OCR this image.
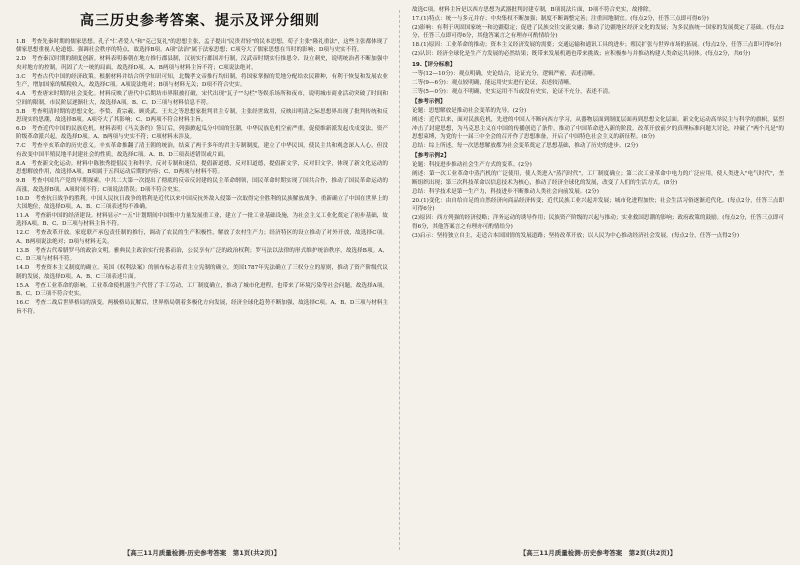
高三历史参考答案、提示及评分细则

1.B　考查先秦时期的儒家思想。孔子"仁者爱人"和"克己复礼"的思想主张，孟子提出"民贵君轻"的民本思想，荀子主张"隆礼重法"，这些主张都体现了儒家思想重视人伦道德、强调社会秩序的特点，故选择B项。A项"法治"属于法家思想；C项夸大了儒家思想在当时的影响；D项与史实不符。

2.D　考查秦汉时期的制度创新。材料表明秦朝在地方推行郡县制，汉初实行郡国并行制，汉武帝时期实行推恩令、设立刺史，说明统治者不断加强中央对地方的控制，巩固了大一统的局面，故选择D项。A、B两项与材料主旨不符；C项说法绝对。

3.C　考查古代中国的经济政策。根据材料并结合所学知识可知，北魏孝文帝推行均田制，将国家掌握的荒地分配给农民耕种，有利于恢复和发展农业生产，增加国家的赋税收入，故选择C项。A项说法绝对；B项与材料无关；D项不符合史实。

4.A　考查唐宋时期的社会变化。材料反映了唐代中后期坊市界限被打破，宋代出现"瓦子""勾栏"等娱乐场所和夜市，说明城市商业活动突破了时间和空间的限制，市民阶层逐渐壮大，故选择A项。B、C、D三项与材料信息不符。

5.B　考查明清时期的思想文化。李贽、黄宗羲、顾炎武、王夫之等思想家批判君主专制，主张经世致用，反映出明清之际思想界出现了批判传统和反思现实的思潮，故选择B项。A项夸大了其影响；C、D两项不符合材料主旨。

6.D　考查近代中国的民族危机。材料表明《马关条约》签订后，列强掀起瓜分中国的狂潮，中华民族危机空前严重，促使维新派发起戊戌变法，资产阶级革命派兴起，故选择D项。A、B两项与史实不符；C项材料未涉及。

7.C　考查辛亥革命的历史意义。辛亥革命推翻了清王朝的统治，结束了两千多年的君主专制制度，建立了中华民国，使民主共和观念深入人心，但没有改变中国半殖民地半封建社会的性质，故选择C项。A、B、D三项表述错误或片面。

8.A　考查新文化运动。材料中陈独秀提倡民主和科学，反对专制和迷信，提倡新道德，反对旧道德，提倡新文学，反对旧文学，体现了新文化运动的思想解放作用，故选择A项。B项属于五四运动后期的内容；C、D两项与材料不符。

9.B　考查中国共产党的早期探索。中共二大第一次提出了彻底的反帝反封建的民主革命纲领，国民革命时期实现了国共合作，推动了国民革命运动的高涨，故选择B项。A项时间不符；C项说法错误；D项不符合史实。

10.D　考查抗日战争的胜利。中国人民抗日战争的胜利是近代以来中国反抗外敌入侵第一次取得完全胜利的民族解放战争，重新确立了中国在世界上的大国地位，故选择D项。A、B、C三项表述均不准确。

11.A　考查新中国的经济建设。材料显示"一五"计划期间中国集中力量发展重工业，建立了一批工业基础设施，为社会主义工业化奠定了初步基础，故选择A项。B、C、D三项与材料主旨不符。

12.C　考查改革开放。家庭联产承包责任制的推行，调动了农民的生产积极性，解放了农村生产力；经济特区的设立推动了对外开放，故选择C项。A、B两项说法绝对；D项与材料无关。

13.B　考查古代希腊罗马的政治文明。雅典民主政治实行轮番而治，公民享有广泛的政治权利；罗马法以法律的形式维护统治秩序，故选择B项。A、C、D三项与材料不符。

14.D　考查资本主义制度的确立。英国《权利法案》的颁布标志着君主立宪制的确立，美国1787年宪法确立了三权分立的原则，推动了资产阶级代议制的发展，故选择D项。A、B、C三项表述片面。

15.A　考查工业革命的影响。工业革命使机器生产代替了手工劳动，工厂制度确立，推动了城市化进程，也带来了环境污染等社会问题，故选择A项。B、C、D三项不符合史实。

16.C　考查二战后世界格局的演变。两极格局瓦解后，世界格局朝着多极化方向发展，经济全球化趋势不断加强，故选择C项。A、B、D三项与材料主旨不符。

故选C项。材料主旨是以西方思想为武器批判封建专制，B项说法片面，D项不符合史实，故排除。

17.(1)特点：统一与多元并存；中央集权不断加强；制度不断调整完善；注重因地制宜。(每点2分，任答三点即可得6分)

(2)影响：有利于巩固国家统一和边疆稳定；促进了民族交往交流交融；推动了边疆地区经济文化的发展；为多民族统一国家的发展奠定了基础。(每点2分，任答三点即可得6分，其他答案言之有理亦可酌情给分)

18.(1)原因：工业革命的推动；资本主义经济发展的需要；交通运输和通讯工具的进步；殖民扩张与世界市场的拓展。(每点2分，任答三点即可得6分)

(2)认识：经济全球化是生产力发展的必然结果；既带来发展机遇也带来挑战；应积极参与并推动构建人类命运共同体。(每点2分，共6分)

19.【评分标准】

一等(12—10分)：观点明确，史论结合，论证充分，逻辑严密，表述清晰。

二等(9—6分)：观点较明确，能运用史实进行论证，表述较清晰。

三等(5—0分)：观点不明确，史实运用不当或没有史实，论证不充分，表述不清。

【参考示例】

论题：思想解放是推动社会变革的先导。(2分)

阐述：近代以来，面对民族危机，先进的中国人不断向西方学习，从器物层面到制度层面再到思想文化层面。新文化运动高举民主与科学的旗帜，猛烈冲击了封建思想，为马克思主义在中国的传播创造了条件，推动了中国革命进入新的阶段。改革开放前夕的真理标准问题大讨论，冲破了"两个凡是"的思想束缚，为党的十一届三中全会的召开作了思想准备，开启了中国特色社会主义的新征程。(8分)

总结：综上所述，每一次思想解放都为社会变革奠定了思想基础，推动了历史的进步。(2分)

【参考示例2】

论题：科技进步推动社会生产方式的变革。(2分)

阐述：第一次工业革命中蒸汽机的广泛使用，使人类进入"蒸汽时代"，工厂制度确立；第二次工业革命中电力的广泛应用，使人类进入"电气时代"，垄断组织出现；第三次科技革命以信息技术为核心，推动了经济全球化的发展，改变了人们的生活方式。(8分)

总结：科学技术是第一生产力，科技进步不断推动人类社会向前发展。(2分)

20.(1)变化：由自给自足的自然经济向商品经济转变；近代民族工业兴起并发展；城市化进程加快；社会生活习俗逐渐近代化。(每点2分，任答三点即可得6分)

(2)原因：西方列强的经济侵略；洋务运动的诱导作用；民族资产阶级的兴起与推动；实业救国思潮的影响；政府政策的鼓励。(每点2分，任答三点即可得6分，其他答案言之有理亦可酌情给分)

(3)启示：坚持独立自主，走适合本国国情的发展道路；坚持改革开放；以人民为中心推动经济社会发展。(每点2分，任答一点得2分)

【高三11月质量检测·历史参考答案　第1页(共2页)】	【高三11月质量检测·历史参考答案　第2页(共2页)】
